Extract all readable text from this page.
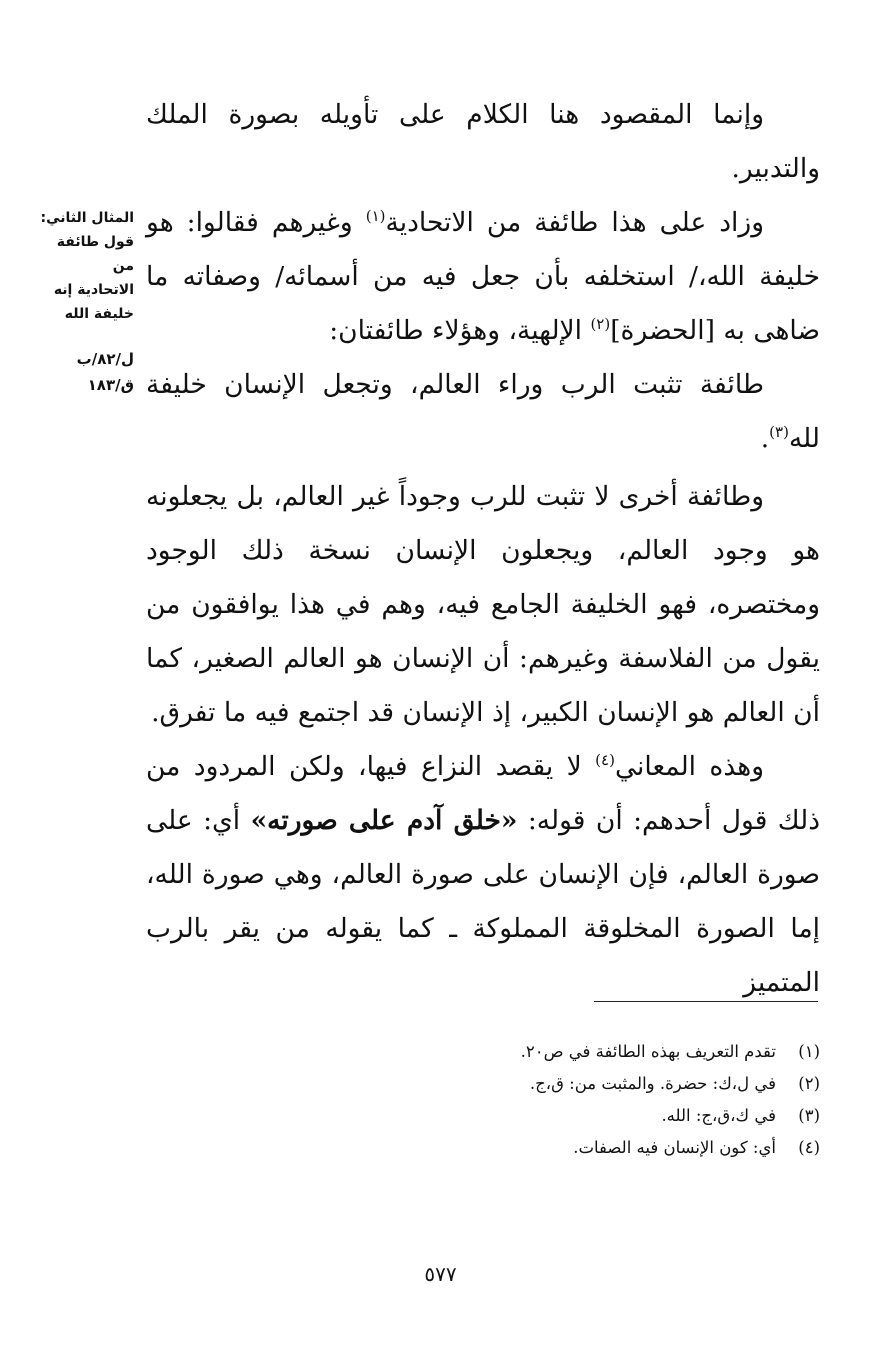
وإنما المقصود هنا الكلام على تأويله بصورة الملك والتدبير.

وزاد على هذا طائفة من الاتحادية$^{(١)}$ وغيرهم فقالوا: هو خليفة الله،/ استخلفه بأن جعل فيه من أسمائه/ وصفاته ما ضاهى به [الحضرة]$^{(٢)}$ الإلهية، وهؤلاء طائفتان:

طائفة تثبت الرب وراء العالم، وتجعل الإنسان خليفة لله$^{(٣)}$.

وطائفة أخرى لا تثبت للرب وجوداً غير العالم، بل يجعلونه هو وجود العالم، ويجعلون الإنسان نسخة ذلك الوجود ومختصره، فهو الخليفة الجامع فيه، وهم في هذا يوافقون من يقول من الفلاسفة وغيرهم: أن الإنسان هو العالم الصغير، كما أن العالم هو الإنسان الكبير، إذ الإنسان قد اجتمع فيه ما تفرق.

وهذه المعاني$^{(٤)}$ لا يقصد النزاع فيها، ولكن المردود من ذلك قول أحدهم: أن قوله: «خلق آدم على صورته» أي: على صورة العالم، فإن الإنسان على صورة العالم، وهي صورة الله، إما الصورة المخلوقة المملوكة ـ كما يقوله من يقر بالرب المتميز

المثال الثاني:

قول طائفة من

الاتحادية إنه

خليفة الله

ل/٨٢/ب

ق/١٨٣

(١)
تقدم التعريف بهذه الطائفة في ص٢٠.
(٢)
في ل،ك: حضرة. والمثبت من: ق،ج.
(٣)
في ك،ق،ج: الله.
(٤)
أي: كون الإنسان فيه الصفات.
٥٧٧
